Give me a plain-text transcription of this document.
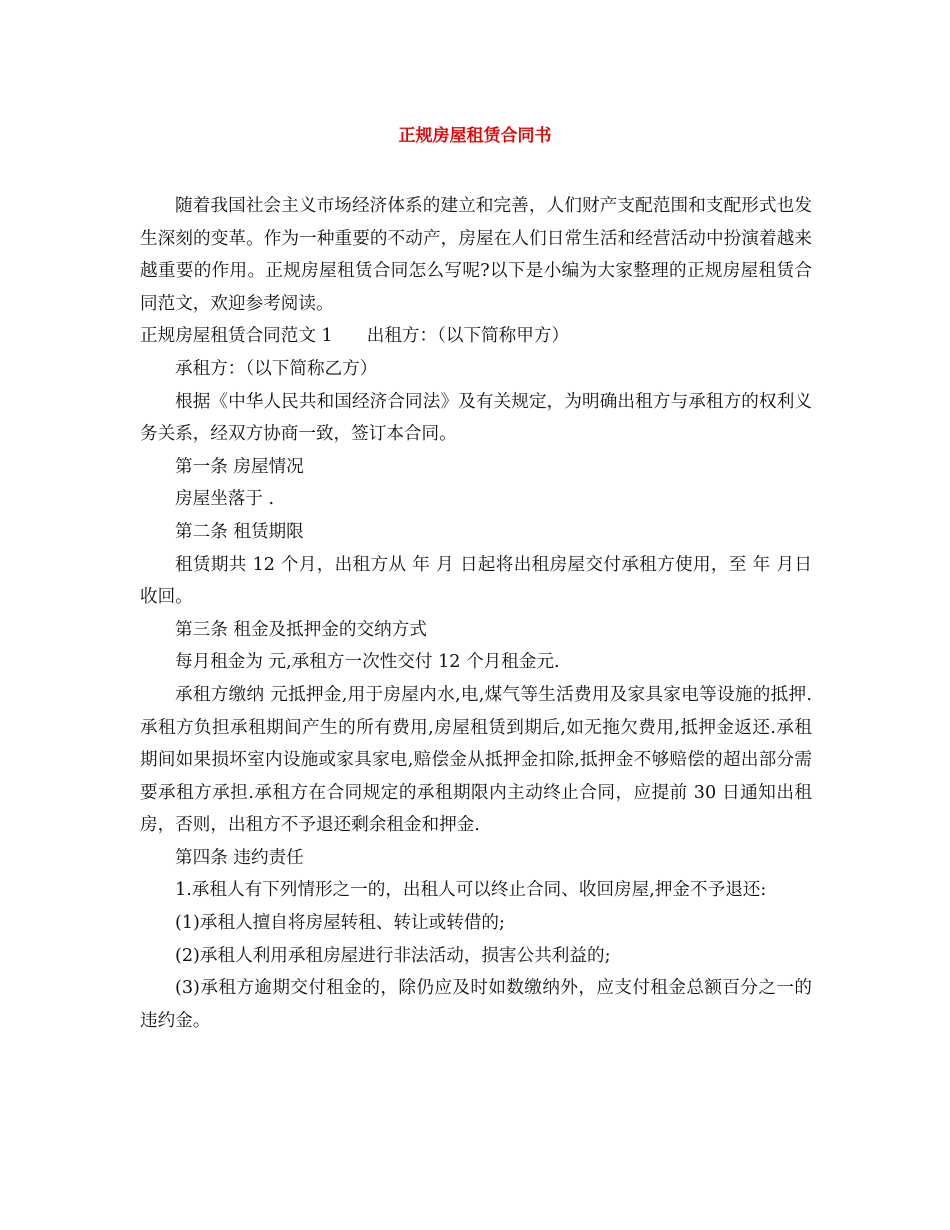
正规房屋租赁合同书

随着我国社会主义市场经济体系的建立和完善，人们财产支配范围和支配形式也发生深刻的变革。作为一种重要的不动产，房屋在人们日常生活和经营活动中扮演着越来越重要的作用。正规房屋租赁合同怎么写呢?以下是小编为大家整理的正规房屋租赁合同范文，欢迎参考阅读。

正规房屋租赁合同范文 1 出租方：（以下简称甲方）

承租方：（以下简称乙方）

根据《中华人民共和国经济合同法》及有关规定，为明确出租方与承租方的权利义务关系，经双方协商一致，签订本合同。

第一条 房屋情况

房屋坐落于 .

第二条 租赁期限

租赁期共 12 个月，出租方从 年 月 日起将出租房屋交付承租方使用，至 年 月日收回。

第三条 租金及抵押金的交纳方式

每月租金为 元,承租方一次性交付 12 个月租金元.

承租方缴纳 元抵押金,用于房屋内水,电,煤气等生活费用及家具家电等设施的抵押.承租方负担承租期间产生的所有费用,房屋租赁到期后,如无拖欠费用,抵押金返还.承租期间如果损坏室内设施或家具家电,赔偿金从抵押金扣除,抵押金不够赔偿的超出部分需要承租方承担.承租方在合同规定的承租期限内主动终止合同，应提前 30 日通知出租房，否则，出租方不予退还剩余租金和押金.

第四条 违约责任

1.承租人有下列情形之一的，出租人可以终止合同、收回房屋,押金不予退还:

(1)承租人擅自将房屋转租、转让或转借的;

(2)承租人利用承租房屋进行非法活动，损害公共利益的;

(3)承租方逾期交付租金的，除仍应及时如数缴纳外，应支付租金总额百分之一的违约金。
